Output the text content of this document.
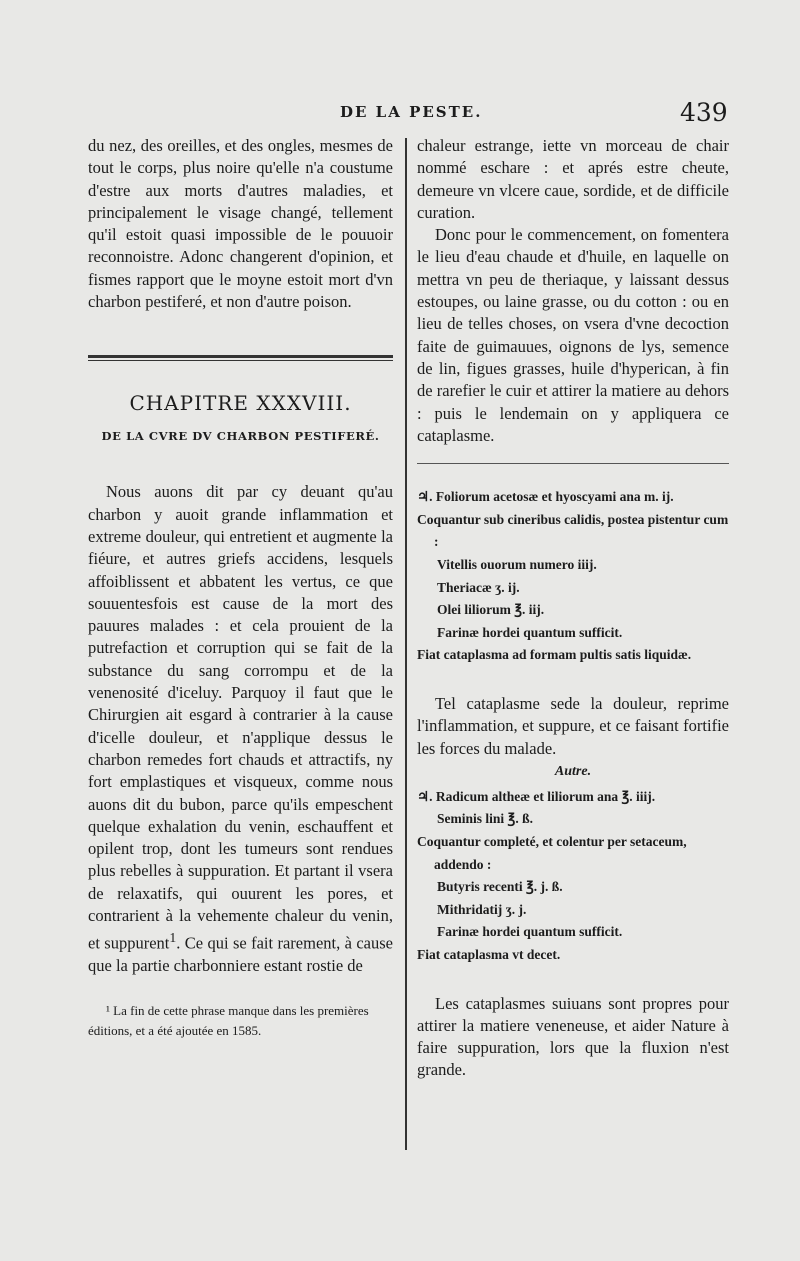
DE LA PESTE.	439

du nez, des oreilles, et des ongles, mesmes de tout le corps, plus noire qu'elle n'a coustume d'estre aux morts d'autres maladies, et principalement le visage changé, tellement qu'il estoit quasi impossible de le pouuoir reconnoistre. Adonc changerent d'opinion, et fismes rapport que le moyne estoit mort d'vn charbon pestiferé, et non d'autre poison.

CHAPITRE XXXVIII.
DE LA CVRE DV CHARBON PESTIFERÉ.

Nous auons dit par cy deuant qu'au charbon y auoit grande inflammation et extreme douleur, qui entretient et augmente la fiéure, et autres griefs accidens, lesquels affoiblissent et abbatent les vertus, ce que souuentesfois est cause de la mort des pauures malades : et cela prouient de la putrefaction et corruption qui se fait de la substance du sang corrompu et de la venenosité d'iceluy. Parquoy il faut que le Chirurgien ait esgard à contrarier à la cause d'icelle douleur, et n'applique dessus le charbon remedes fort chauds et attractifs, ny fort emplastiques et visqueux, comme nous auons dit du bubon, parce qu'ils empeschent quelque exhalation du venin, eschauffent et opilent trop, dont les tumeurs sont rendues plus rebelles à suppuration. Et partant il vsera de relaxatifs, qui ouurent les pores, et contrarient à la vehemente chaleur du venin, et suppurent$^1$. Ce qui se fait rarement, à cause que la partie charbonniere estant rostie de

¹ La fin de cette phrase manque dans les premières éditions, et a été ajoutée en 1585.

chaleur estrange, iette vn morceau de chair nommé eschare : et aprés estre cheute, demeure vn vlcere caue, sordide, et de difficile curation.

Donc pour le commencement, on fomentera le lieu d'eau chaude et d'huile, en laquelle on mettra vn peu de theriaque, y laissant dessus estoupes, ou laine grasse, ou du cotton : ou en lieu de telles choses, on vsera d'vne decoction faite de guimauues, oignons de lys, semence de lin, figues grasses, huile d'hyperican, à fin de rarefier le cuir et attirer la matiere au dehors : puis le lendemain on y appliquera ce cataplasme.

♃. Foliorum acetosæ et hyoscyami ana m. ij.

Coquantur sub cineribus calidis, postea pistentur cum :

Vitellis ouorum numero iiij.

Theriacæ ʒ. ij.

Olei liliorum ℥. iij.

Farinæ hordei quantum sufficit.

Fiat cataplasma ad formam pultis satis liquidæ.

Tel cataplasme sede la douleur, reprime l'inflammation, et suppure, et ce faisant fortifie les forces du malade.

Autre.

♃. Radicum altheæ et liliorum ana ℥. iiij.

Seminis lini ℥. ß.

Coquantur completé, et colentur per setaceum, addendo :

Butyris recenti ℥. j. ß.

Mithridatij ʒ. j.

Farinæ hordei quantum sufficit.

Fiat cataplasma vt decet.

Les cataplasmes suiuans sont propres pour attirer la matiere veneneuse, et aider Nature à faire suppuration, lors que la fluxion n'est grande.
